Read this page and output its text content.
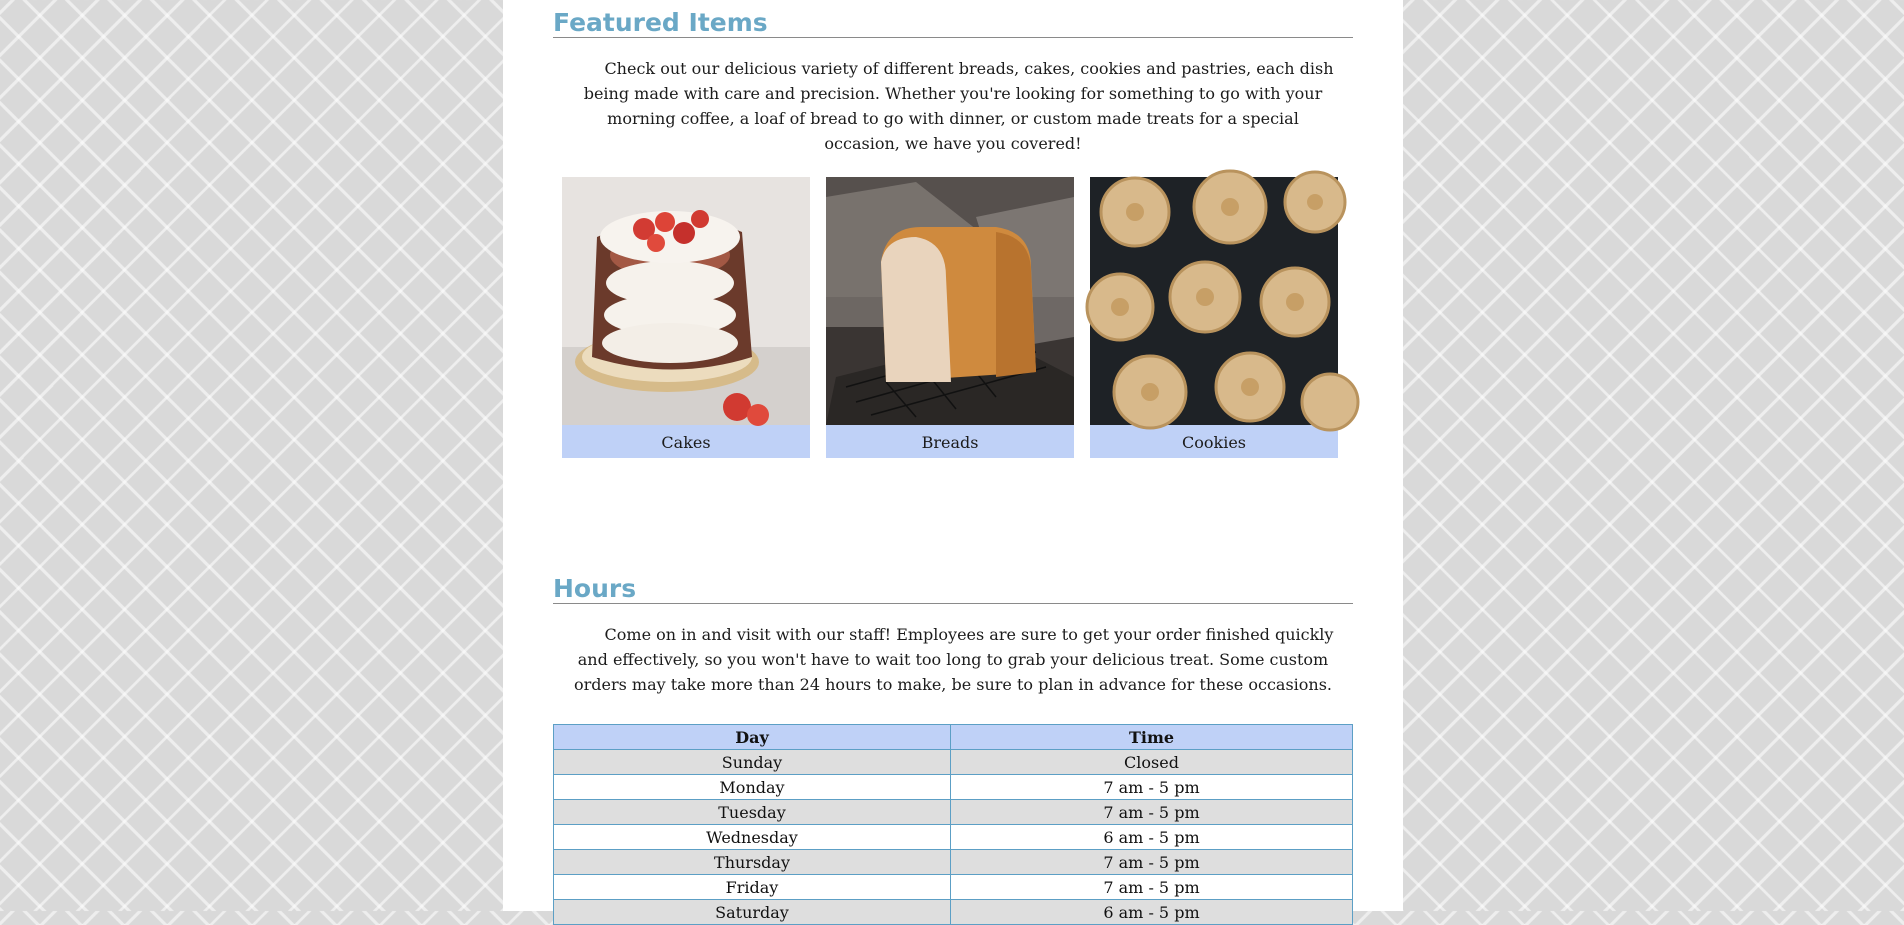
Featured Items

Check out our delicious variety of different breads, cakes, cookies and pastries, each dish being made with care and precision. Whether you're looking for something to go with your morning coffee, a loaf of bread to go with dinner, or custom made treats for a special occasion, we have you covered!

Cakes	Breads	Cookies
Hours

Come on in and visit with our staff! Employees are sure to get your order finished quickly and effectively, so you won't have to wait too long to grab your delicious treat. Some custom orders may take more than 24 hours to make, be sure to plan in advance for these occasions.

Day	Time
Sunday	Closed
Monday	7 am - 5 pm
Tuesday	7 am - 5 pm
Wednesday	6 am - 5 pm
Thursday	7 am - 5 pm
Friday	7 am - 5 pm
Saturday	6 am - 5 pm
